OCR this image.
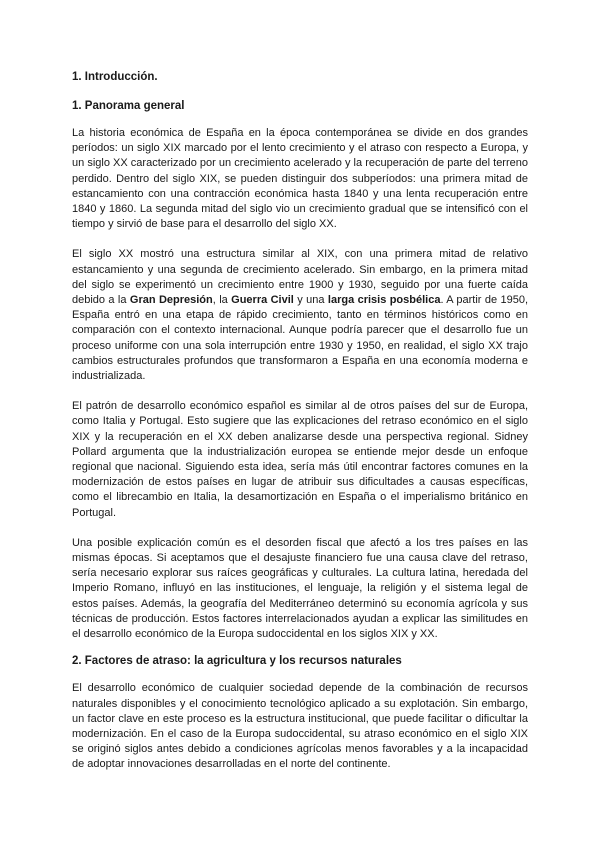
1. Introducción.
1. Panorama general

La historia económica de España en la época contemporánea se divide en dos grandes períodos: un siglo XIX marcado por el lento crecimiento y el atraso con respecto a Europa, y un siglo XX caracterizado por un crecimiento acelerado y la recuperación de parte del terreno perdido. Dentro del siglo XIX, se pueden distinguir dos subperíodos: una primera mitad de estancamiento con una contracción económica hasta 1840 y una lenta recuperación entre 1840 y 1860. La segunda mitad del siglo vio un crecimiento gradual que se intensificó con el tiempo y sirvió de base para el desarrollo del siglo XX.

El siglo XX mostró una estructura similar al XIX, con una primera mitad de relativo estancamiento y una segunda de crecimiento acelerado. Sin embargo, en la primera mitad del siglo se experimentó un crecimiento entre 1900 y 1930, seguido por una fuerte caída debido a la Gran Depresión, la Guerra Civil y una larga crisis posbélica. A partir de 1950, España entró en una etapa de rápido crecimiento, tanto en términos históricos como en comparación con el contexto internacional. Aunque podría parecer que el desarrollo fue un proceso uniforme con una sola interrupción entre 1930 y 1950, en realidad, el siglo XX trajo cambios estructurales profundos que transformaron a España en una economía moderna e industrializada.

El patrón de desarrollo económico español es similar al de otros países del sur de Europa, como Italia y Portugal. Esto sugiere que las explicaciones del retraso económico en el siglo XIX y la recuperación en el XX deben analizarse desde una perspectiva regional. Sidney Pollard argumenta que la industrialización europea se entiende mejor desde un enfoque regional que nacional. Siguiendo esta idea, sería más útil encontrar factores comunes en la modernización de estos países en lugar de atribuir sus dificultades a causas específicas, como el librecambio en Italia, la desamortización en España o el imperialismo británico en Portugal.

Una posible explicación común es el desorden fiscal que afectó a los tres países en las mismas épocas. Si aceptamos que el desajuste financiero fue una causa clave del retraso, sería necesario explorar sus raíces geográficas y culturales. La cultura latina, heredada del Imperio Romano, influyó en las instituciones, el lenguaje, la religión y el sistema legal de estos países. Además, la geografía del Mediterráneo determinó su economía agrícola y sus técnicas de producción. Estos factores interrelacionados ayudan a explicar las similitudes en el desarrollo económico de la Europa sudoccidental en los siglos XIX y XX.

2. Factores de atraso: la agricultura y los recursos naturales

El desarrollo económico de cualquier sociedad depende de la combinación de recursos naturales disponibles y el conocimiento tecnológico aplicado a su explotación. Sin embargo, un factor clave en este proceso es la estructura institucional, que puede facilitar o dificultar la modernización. En el caso de la Europa sudoccidental, su atraso económico en el siglo XIX se originó siglos antes debido a condiciones agrícolas menos favorables y a la incapacidad de adoptar innovaciones desarrolladas en el norte del continente.
